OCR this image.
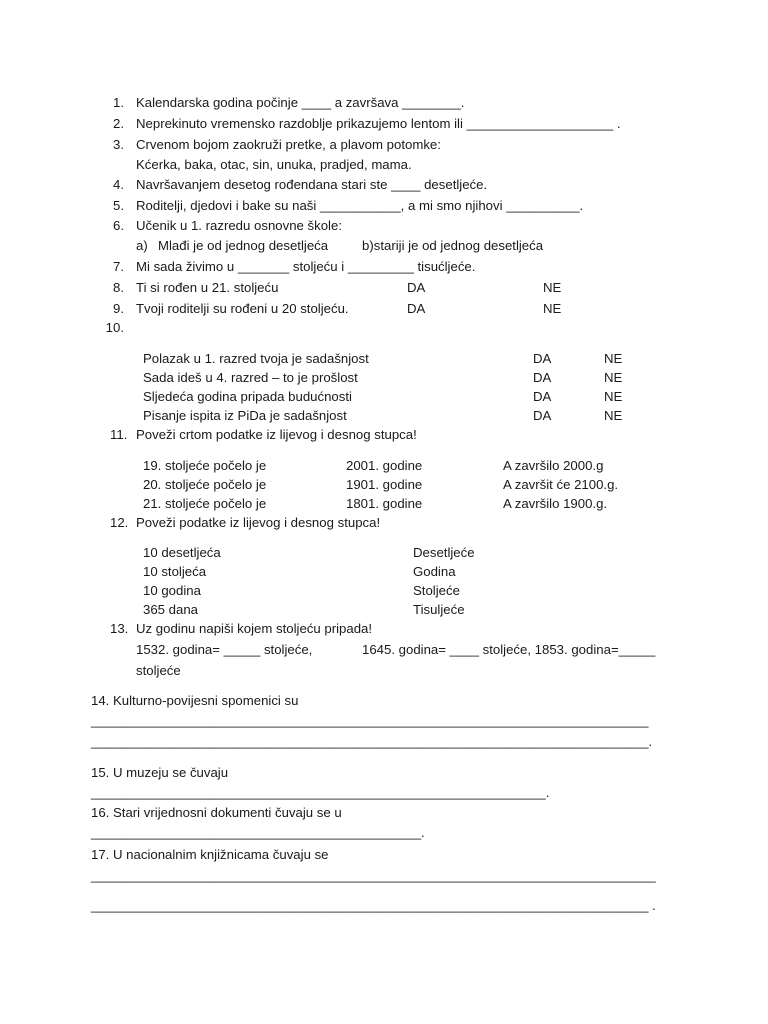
1. Kalendarska godina počinje ____ a završava ________.
2. Neprekinuto vremensko razdoblje prikazujemo lentom ili ____________________ .
3. Crvenom bojom zaokruži pretke, a plavom potomke:
Kćerka, baka, otac, sin, unuka, pradjed, mama.
4. Navršavanjem desetog rođendana stari ste ____ desetljeće.
5. Roditelji, djedovi i bake su naši ___________, a mi smo njihovi __________.
6. Učenik u 1. razredu osnovne škole:
a) Mlađi je od jednog desetljeća	b)stariji je od jednog desetljeća
7. Mi sada živimo u _______ stoljeću i _________ tisućljeće.
8. Ti si rođen u 21. stoljeću	DA	NE
9. Tvoji roditelji su rođeni u 20 stoljeću.	DA	NE
10.
Polazak u 1. razred tvoja je sadašnjost	DA	NE
Sada ideš u 4. razred – to je prošlost	DA	NE
Sljedeća godina pripada budućnosti	DA	NE
Pisanje ispita iz PiDa je sadašnjost	DA	NE
11. Poveži crtom podatke iz lijevog i desnog stupca!
19. stoljeće počelo je	2001. godine	A završilo 2000.g
20. stoljeće počelo je	1901. godine	A završit će 2100.g.
21. stoljeće počelo je	1801. godine	A završilo 1900.g.
12. Poveži podatke iz lijevog i desnog stupca!
10 desetljeća	Desetljeće
10 stoljeća	Godina
10 godina	Stoljeće
365 dana	Tisuljeće
13. Uz godinu napiši kojem stoljeću pripada!
1532. godina= _____ stoljeće,	1645. godina= ____ stoljeće, 1853. godina=_____
stoljeće
14. Kulturno-povijesni spomenici su
____________________________________________________________________________
____________________________________________________________________________.
15. U muzeju se čuvaju
______________________________________________________________.
16. Stari vrijednosni dokumenti čuvaju se u
_____________________________________________.
17. U nacionalnim knjižnicama čuvaju se
_____________________________________________________________________________
____________________________________________________________________________ .
